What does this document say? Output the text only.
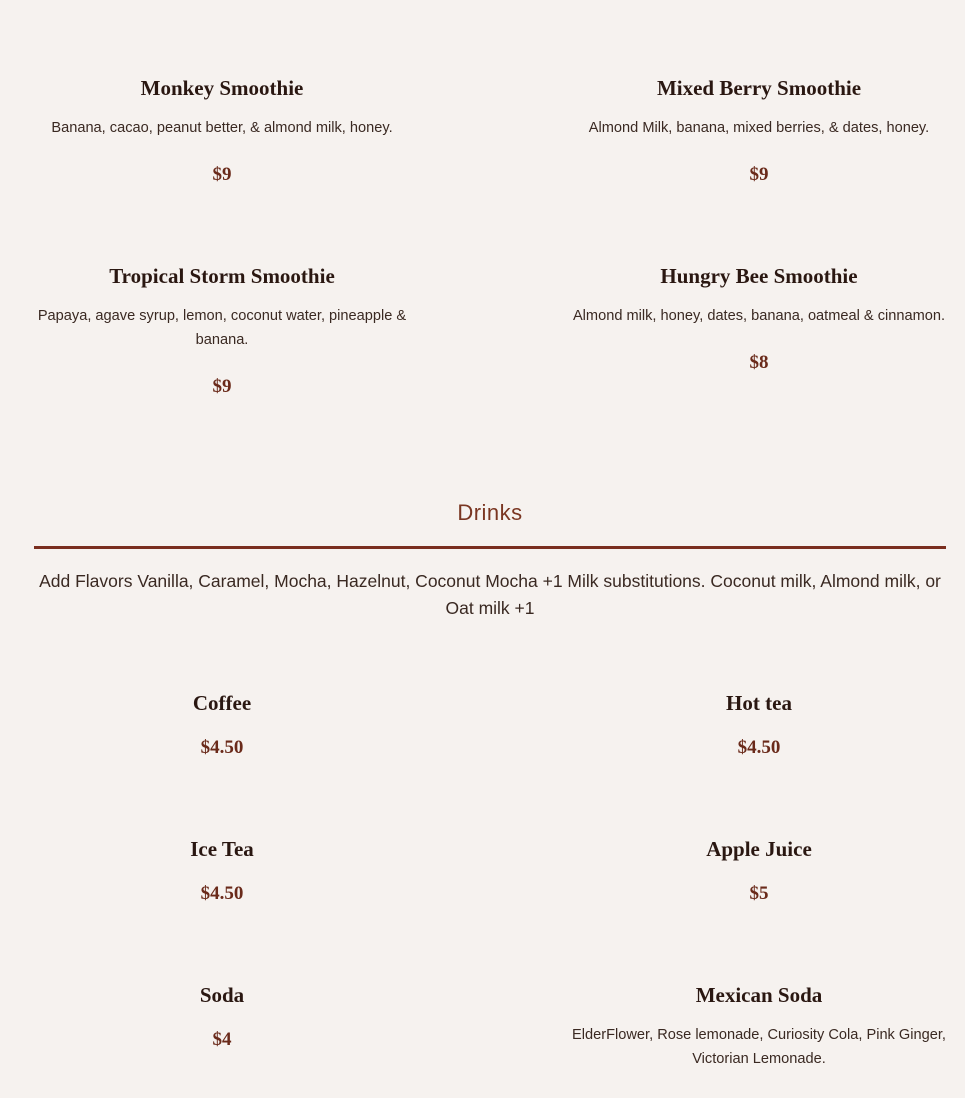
Monkey Smoothie

Banana, cacao, peanut better, & almond milk, honey.

$9

Mixed Berry Smoothie

Almond Milk, banana, mixed berries, & dates, honey.

$9

Tropical Storm Smoothie

Papaya, agave syrup, lemon, coconut water, pineapple & banana.

$9

Hungry Bee Smoothie

Almond milk, honey, dates, banana, oatmeal & cinnamon.

$8

Drinks
Add Flavors Vanilla, Caramel, Mocha, Hazelnut, Coconut Mocha +1 Milk substitutions. Coconut milk, Almond milk, or Oat milk +1

Coffee

$4.50

Hot tea

$4.50

Ice Tea

$4.50

Apple Juice

$5

Soda

$4

Mexican Soda

ElderFlower, Rose lemonade, Curiosity Cola, Pink Ginger, Victorian Lemonade.
